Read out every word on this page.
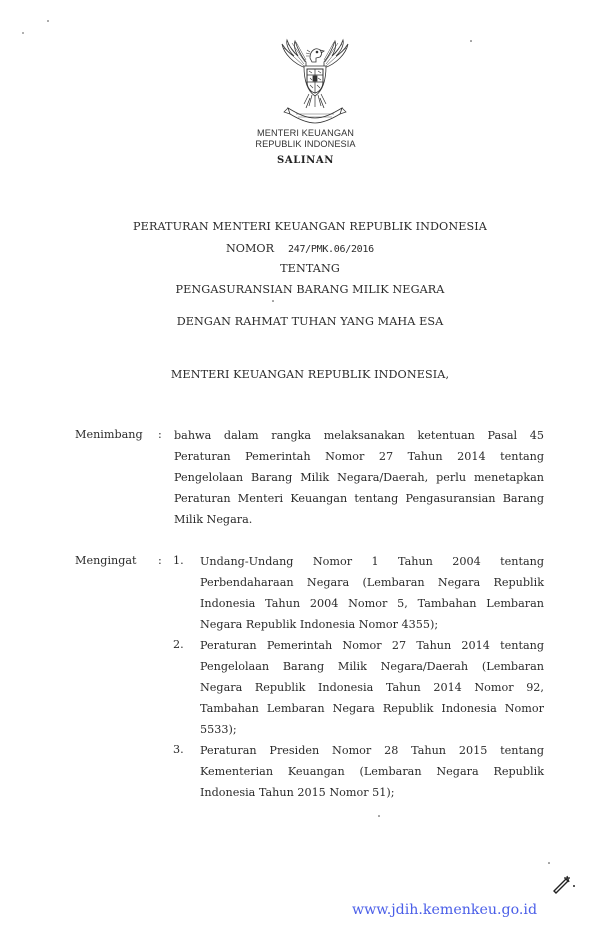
MENTERI KEUANGAN
REPUBLIK INDONESIA
SALINAN
PERATURAN MENTERI KEUANGAN REPUBLIK INDONESIA
NOMOR 247/PMK.06/2016
TENTANG
PENGASURANSIAN BARANG MILIK NEGARA
DENGAN RAHMAT TUHAN YANG MAHA ESA
MENTERI KEUANGAN REPUBLIK INDONESIA,
Menimbang : bahwa dalam rangka melaksanakan ketentuan Pasal 45
Peraturan Pemerintah Nomor 27 Tahun 2014 tentang
Pengelolaan Barang Milik Negara/Daerah, perlu menetapkan
Peraturan Menteri Keuangan tentang Pengasuransian Barang
Milik Negara.
Mengingat : 1. Undang-Undang Nomor 1 Tahun 2004 tentang
Perbendaharaan Negara (Lembaran Negara Republik
Indonesia Tahun 2004 Nomor 5, Tambahan Lembaran
Negara Republik Indonesia Nomor 4355);
2. Peraturan Pemerintah Nomor 27 Tahun 2014 tentang
Pengelolaan Barang Milik Negara/Daerah (Lembaran
Negara Republik Indonesia Tahun 2014 Nomor 92,
Tambahan Lembaran Negara Republik Indonesia Nomor
5533);
3. Peraturan Presiden Nomor 28 Tahun 2015 tentang
Kementerian Keuangan (Lembaran Negara Republik
Indonesia Tahun 2015 Nomor 51);
www.jdih.kemenkeu.go.id
